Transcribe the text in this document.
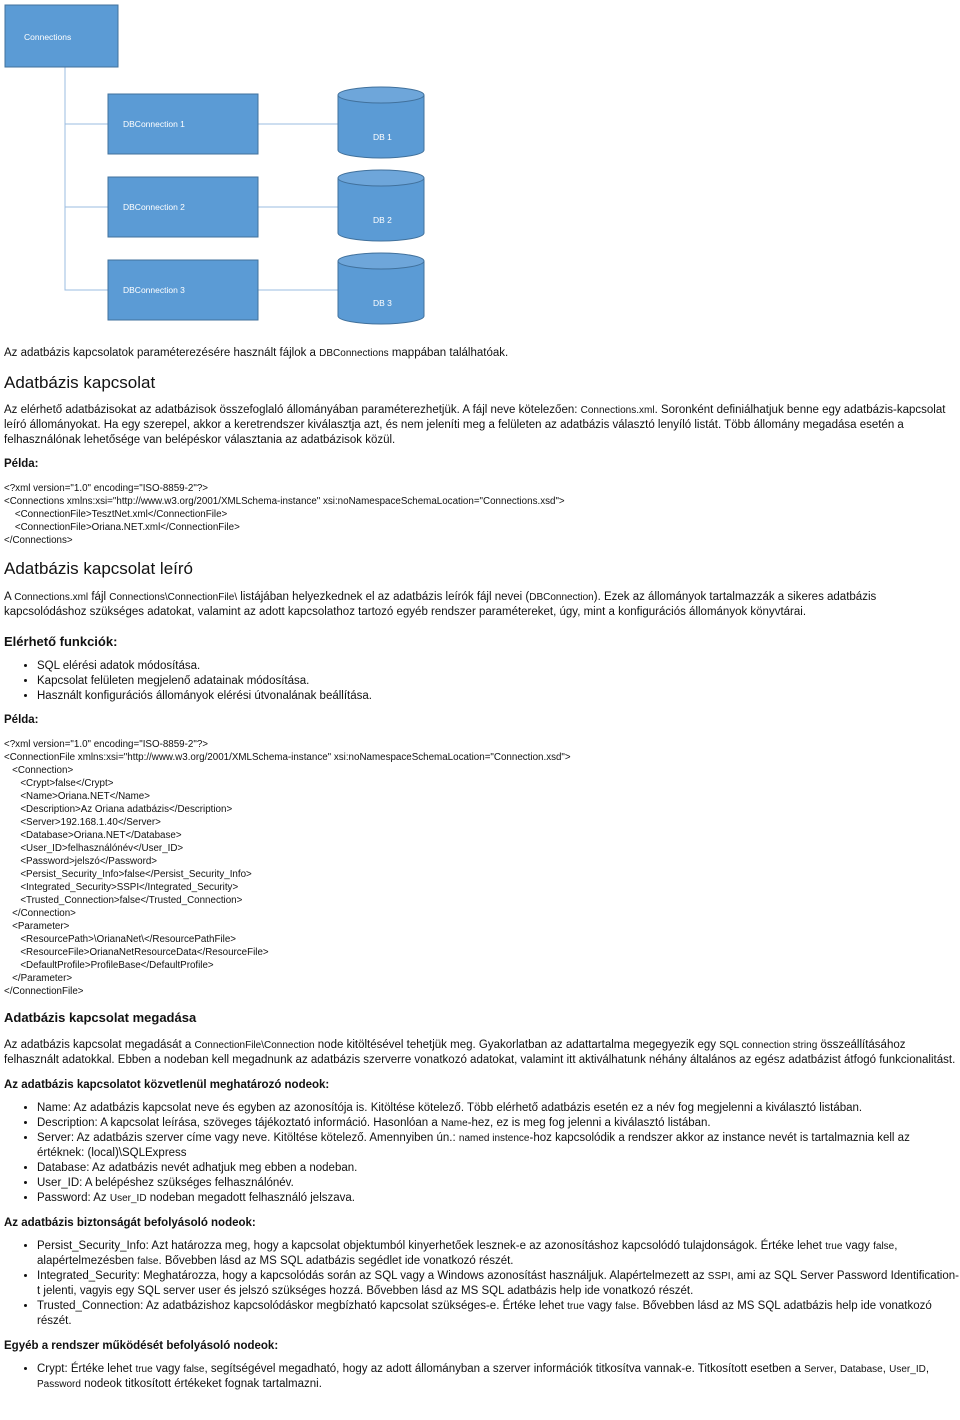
Connections
DBConnection 1
DBConnection 2
DBConnection 3
DB 1
DB 2
DB 3

Az adatbázis kapcsolatok paraméterezésére használt fájlok a DBConnections mappában találhatóak.

Adatbázis kapcsolat

Az elérhető adatbázisokat az adatbázisok összefoglaló állományában paraméterezhetjük. A fájl neve kötelezően: Connections.xml. Soronként definiálhatjuk benne egy adatbázis-kapcsolat leíró állományokat. Ha egy szerepel, akkor a keretrendszer kiválasztja azt, és nem jeleníti meg a felületen az adatbázis választó lenyíló listát. Több állomány megadása esetén a felhasználónak lehetősége van belépéskor választania az adatbázisok közül.

Példa:

<?xml version="1.0" encoding="ISO-8859-2"?>
<Connections xmlns:xsi="http://www.w3.org/2001/XMLSchema-instance" xsi:noNamespaceSchemaLocation="Connections.xsd">
<ConnectionFile>TesztNet.xml</ConnectionFile>
<ConnectionFile>Oriana.NET.xml</ConnectionFile>
</Connections>
Adatbázis kapcsolat leíró

A Connections.xml fájl Connections\ConnectionFile\ listájában helyezkednek el az adatbázis leírók fájl nevei (DBConnection). Ezek az állományok tartalmazzák a sikeres adatbázis kapcsolódáshoz szükséges adatokat, valamint az adott kapcsolathoz tartozó egyéb rendszer paramétereket, úgy, mint a konfigurációs állományok könyvtárai.

Elérhető funkciók:
• SQL elérési adatok módosítása.
• Kapcsolat felületen megjelenő adatainak módosítása.
• Használt konfigurációs állományok elérési útvonalának beállítása.

Példa:

<?xml version="1.0" encoding="ISO-8859-2"?>
<ConnectionFile xmlns:xsi="http://www.w3.org/2001/XMLSchema-instance" xsi:noNamespaceSchemaLocation="Connection.xsd">
<Connection>
<Crypt>false</Crypt>
<Name>Oriana.NET</Name>
<Description>Az Oriana adatbázis</Description>
<Server>192.168.1.40</Server>
<Database>Oriana.NET</Database>
<User_ID>felhasználónév</User_ID>
<Password>jelszó</Password>
<Persist_Security_Info>false</Persist_Security_Info>
<Integrated_Security>SSPI</Integrated_Security>
<Trusted_Connection>false</Trusted_Connection>
</Connection>
<Parameter>
<ResourcePath>\OrianaNet\</ResourcePathFile>
<ResourceFile>OrianaNetResourceData</ResourceFile>
<DefaultProfile>ProfileBase</DefaultProfile>
</Parameter>
</ConnectionFile>
Adatbázis kapcsolat megadása

Az adatbázis kapcsolat megadását a ConnectionFile\Connection node kitöltésével tehetjük meg. Gyakorlatban az adattartalma megegyezik egy SQL connection string összeállításához felhasznált adatokkal. Ebben a nodeban kell megadnunk az adatbázis szerverre vonatkozó adatokat, valamint itt aktiválhatunk néhány általános az egész adatbázist átfogó funkcionalitást.

Az adatbázis kapcsolatot közvetlenül meghatározó nodeok:
• Name: Az adatbázis kapcsolat neve és egyben az azonosítója is. Kitöltése kötelező. Több elérhető adatbázis esetén ez a név fog megjelenni a kiválasztó listában.
• Description: A kapcsolat leírása, szöveges tájékoztató információ. Hasonlóan a Name-hez, ez is meg fog jelenni a kiválasztó listában.
• Server: Az adatbázis szerver címe vagy neve. Kitöltése kötelező. Amennyiben ún.: named instence-hoz kapcsolódik a rendszer akkor az instance nevét is tartalmaznia kell az értéknek: (local)\SQLExpress
• Database: Az adatbázis nevét adhatjuk meg ebben a nodeban.
• User_ID: A belépéshez szükséges felhasználónév.
• Password: Az User_ID nodeban megadott felhasználó jelszava.
Az adatbázis biztonságát befolyásoló nodeok:
• Persist_Security_Info: Azt határozza meg, hogy a kapcsolat objektumból kinyerhetőek lesznek-e az azonosításhoz kapcsolódó tulajdonságok. Értéke lehet true vagy false, alapértelmezésben false. Bővebben lásd az MS SQL adatbázis segédlet ide vonatkozó részét.
• Integrated_Security: Meghatározza, hogy a kapcsolódás során az SQL vagy a Windows azonosítást használjuk. Alapértelmezett az SSPI, ami az SQL Server Password Identification-t jelenti, vagyis egy SQL server user és jelszó szükséges hozzá. Bővebben lásd az MS SQL adatbázis help ide vonatkozó részét.
• Trusted_Connection: Az adatbázishoz kapcsolódáskor megbízható kapcsolat szükséges-e. Értéke lehet true vagy false. Bővebben lásd az MS SQL adatbázis help ide vonatkozó részét.
Egyéb a rendszer működését befolyásoló nodeok:
• Crypt: Értéke lehet true vagy false, segítségével megadható, hogy az adott állományban a szerver információk titkosítva vannak-e. Titkosított esetben a Server, Database, User_ID, Password nodeok titkosított értékeket fognak tartalmazni.
